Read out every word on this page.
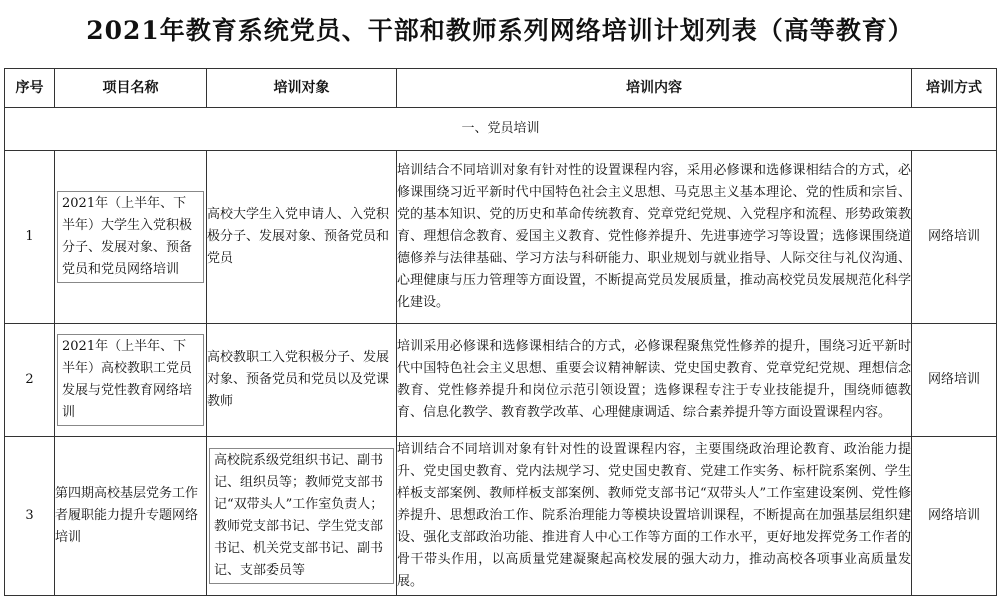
2021年教育系统党员、干部和教师系列网络培训计划列表（高等教育）
序号	项目名称	培训对象	培训内容	培训方式
一、党员培训				
1	2021年（上半年、下半年）大学生入党积极分子、发展对象、预备党员和党员网络培训	高校大学生入党申请人、入党积极分子、发展对象、预备党员和党员	培训结合不同培训对象有针对性的设置课程内容，采用必修课和选修课相结合的方式，必修课围绕习近平新时代中国特色社会主义思想、马克思主义基本理论、党的性质和宗旨、党的基本知识、党的历史和革命传统教育、党章党纪党规、入党程序和流程、形势政策教育、理想信念教育、爱国主义教育、党性修养提升、先进事迹学习等设置；选修课围绕道德修养与法律基础、学习方法与科研能力、职业规划与就业指导、人际交往与礼仪沟通、心理健康与压力管理等方面设置，不断提高党员发展质量，推动高校党员发展规范化科学化建设。	网络培训
2	2021年（上半年、下半年）高校教职工党员发展与党性教育网络培训	高校教职工入党积极分子、发展对象、预备党员和党员以及党课教师	培训采用必修课和选修课相结合的方式，必修课程聚焦党性修养的提升，围绕习近平新时代中国特色社会主义思想、重要会议精神解读、党史国史教育、党章党纪党规、理想信念教育、党性修养提升和岗位示范引领设置；选修课程专注于专业技能提升，围绕师德教育、信息化教学、教育教学改革、心理健康调适、综合素养提升等方面设置课程内容。	网络培训
3	第四期高校基层党务工作者履职能力提升专题网络培训	高校院系级党组织书记、副书记、组织员等；教师党支部书记“双带头人”工作室负责人；教师党支部书记、学生党支部书记、机关党支部书记、副书记、支部委员等	培训结合不同培训对象有针对性的设置课程内容，主要围绕政治理论教育、政治能力提升、党史国史教育、党内法规学习、党史国史教育、党建工作实务、标杆院系案例、学生样板支部案例、教师样板支部案例、教师党支部书记“双带头人”工作室建设案例、党性修养提升、思想政治工作、院系治理能力等模块设置培训课程，不断提高在加强基层组织建设、强化支部政治功能、推进育人中心工作等方面的工作水平，更好地发挥党务工作者的骨干带头作用，以高质量党建凝聚起高校发展的强大动力，推动高校各项事业高质量发展。	网络培训
